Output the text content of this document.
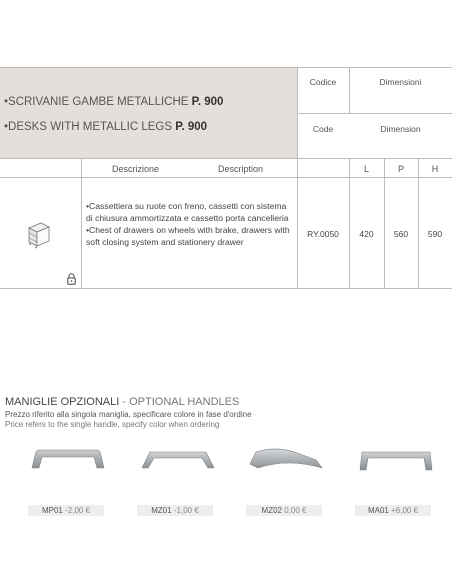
•SCRIVANIE GAMBE METALLICHE P. 900
•DESKS WITH METALLIC LEGS P. 900
Codice	Dimensioni
Code	Dimension
Descrizione	Description	L	P	H
•Cassettiera su ruote con freno, cassetti con sistema di chiusura ammortizzata e cassetto porta cancelleria
•Chest of drawers on wheels with brake, drawers with soft closing system and stationery drawer
RY.0050	420	560	590
MANIGLIE OPZIONALI - OPTIONAL HANDLES
Prezzo riferito alla singola maniglia, specificare colore in fase d'ordine
Price refers to the single handle, specify color when ordering
MP01 -2,00 €	MZ01 -1,00 €	MZ02 0,00 €	MA01 +6,00 €
